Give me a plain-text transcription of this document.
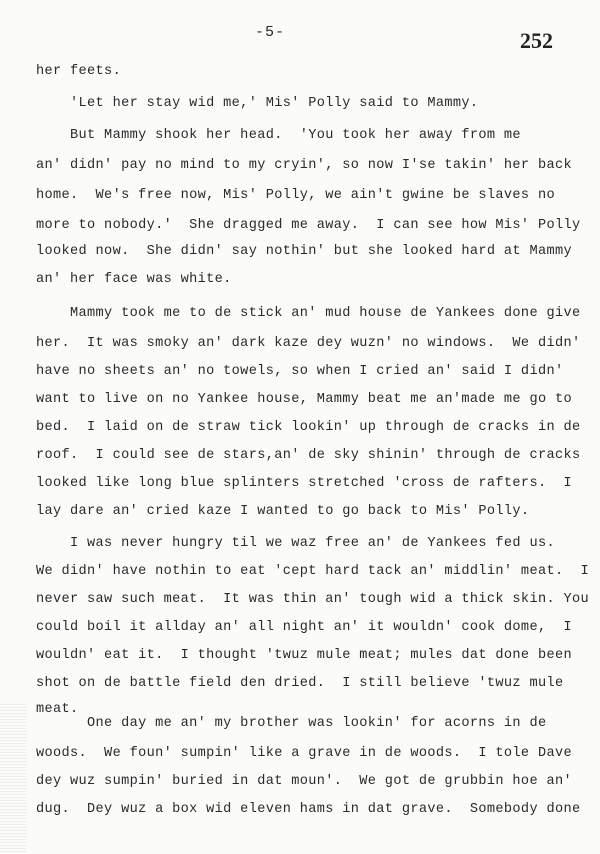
-5-	252
her feets.
'Let her stay wid me,' Mis' Polly said to Mammy.
But Mammy shook her head.  'You took her away from me
an' didn' pay no mind to my cryin', so now I'se takin' her back
home.  We's free now, Mis' Polly, we ain't gwine be slaves no
more to nobody.'  She dragged me away.  I can see how Mis' Polly
looked now.  She didn' say nothin' but she looked hard at Mammy
an' her face was white.
Mammy took me to de stick an' mud house de Yankees done give
her.  It was smoky an' dark kaze dey wuzn' no windows.  We didn'
have no sheets an' no towels, so when I cried an' said I didn'
want to live on no Yankee house, Mammy beat me an'made me go to
bed.  I laid on de straw tick lookin' up through de cracks in de
roof.  I could see de stars,an' de sky shinin' through de cracks
looked like long blue splinters stretched 'cross de rafters.  I
lay dare an' cried kaze I wanted to go back to Mis' Polly.
I was never hungry til we waz free an' de Yankees fed us.
We didn' have nothin to eat 'cept hard tack an' middlin' meat.  I
never saw such meat.  It was thin an' tough wid a thick skin. You
could boil it allday an' all night an' it wouldn' cook dome,  I
wouldn' eat it.  I thought 'twuz mule meat; mules dat done been
shot on de battle field den dried.  I still believe 'twuz mule
meat.
One day me an' my brother was lookin' for acorns in de
woods.  We foun' sumpin' like a grave in de woods.  I tole Dave
dey wuz sumpin' buried in dat moun'.  We got de grubbin hoe an'
dug.  Dey wuz a box wid eleven hams in dat grave.  Somebody done
